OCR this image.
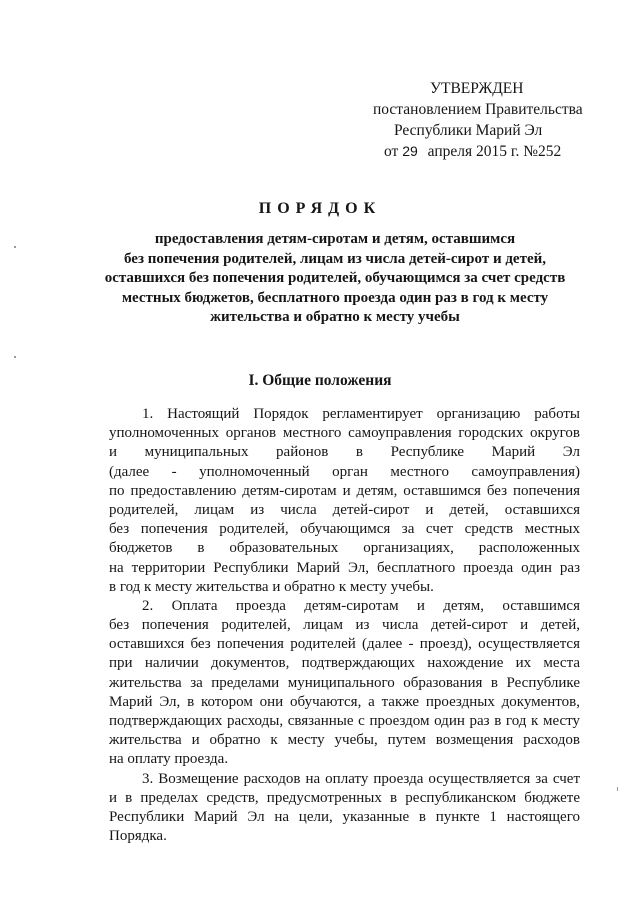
УТВЕРЖДЕН
постановлением Правительства
Республики Марий Эл
от 29 апреля 2015 г. №252
ПОРЯДОК
предоставления детям-сиротам и детям, оставшимся
без попечения родителей, лицам из числа детей-сирот и детей,
оставшихся без попечения родителей, обучающимся за счет средств
местных бюджетов, бесплатного проезда один раз в год к месту
жительства и обратно к месту учебы
I. Общие положения
1. Настоящий Порядок регламентирует организацию работы
уполномоченных органов местного самоуправления городских округов
и муниципальных районов в Республике Марий Эл
(далее - уполномоченный орган местного самоуправления)
по предоставлению детям-сиротам и детям, оставшимся без попечения
родителей, лицам из числа детей-сирот и детей, оставшихся
без попечения родителей, обучающимся за счет средств местных
бюджетов в образовательных организациях, расположенных
на территории Республики Марий Эл, бесплатного проезда один раз
в год к месту жительства и обратно к месту учебы.
2. Оплата проезда детям-сиротам и детям, оставшимся
без попечения родителей, лицам из числа детей-сирот и детей,
оставшихся без попечения родителей (далее - проезд), осуществляется
при наличии документов, подтверждающих нахождение их места
жительства за пределами муниципального образования в Республике
Марий Эл, в котором они обучаются, а также проездных документов,
подтверждающих расходы, связанные с проездом один раз в год к месту
жительства и обратно к месту учебы, путем возмещения расходов
на оплату проезда.
3. Возмещение расходов на оплату проезда осуществляется за счет
и в пределах средств, предусмотренных в республиканском бюджете
Республики Марий Эл на цели, указанные в пункте 1 настоящего
Порядка.
